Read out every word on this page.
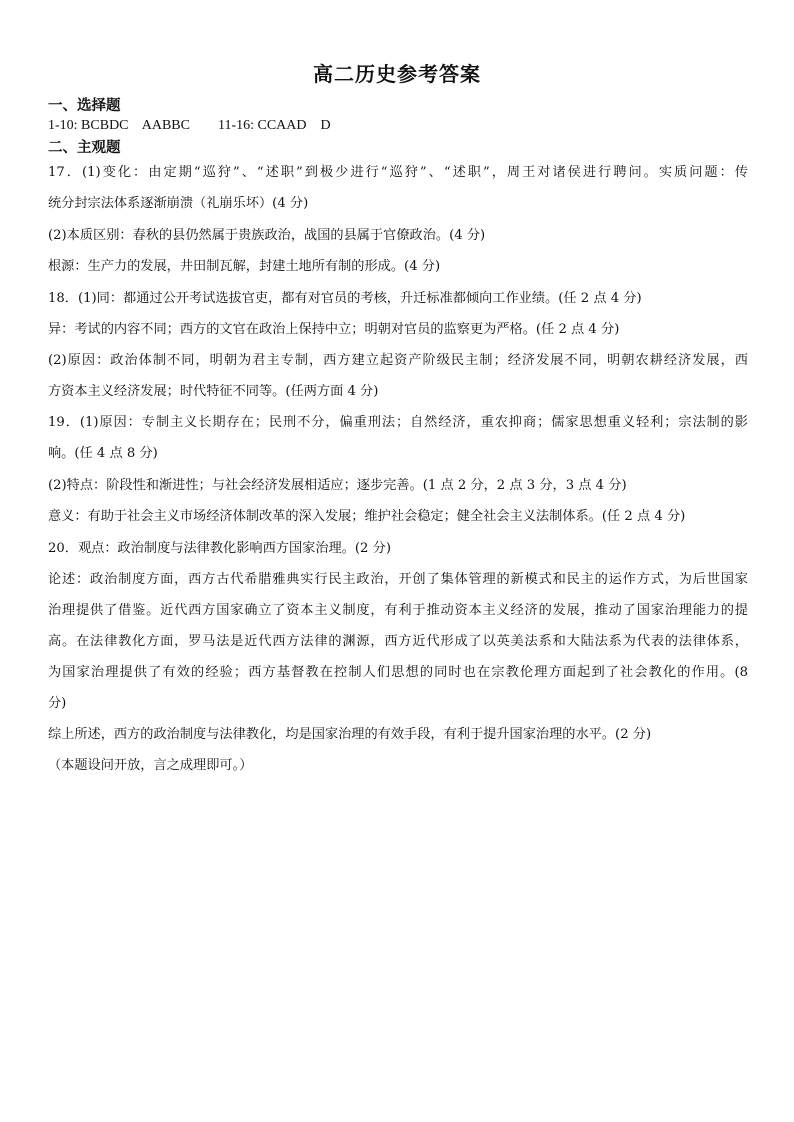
高二历史参考答案
一、选择题
1-10: BCBDC    AABBC        11-16: CCAAD    D
二、主观题
17．(1)变化：由定期“巡狩”、“述职”到极少进行“巡狩”、“述职”，周王对诸侯进行聘问。实质问题：传
统分封宗法体系逐渐崩溃（礼崩乐坏）(4 分)
(2)本质区别：春秋的县仍然属于贵族政治，战国的县属于官僚政治。(4 分)
根源：生产力的发展，井田制瓦解，封建土地所有制的形成。(4 分)
18．(1)同：都通过公开考试选拔官吏，都有对官员的考核，升迁标准都倾向工作业绩。(任 2 点 4 分)
异：考试的内容不同；西方的文官在政治上保持中立；明朝对官员的监察更为严格。(任 2 点 4 分)
(2)原因：政治体制不同，明朝为君主专制，西方建立起资产阶级民主制；经济发展不同，明朝农耕经济发展，西
方资本主义经济发展；时代特征不同等。(任两方面 4 分)
19．(1)原因：专制主义长期存在；民刑不分，偏重刑法；自然经济，重农抑商；儒家思想重义轻利；宗法制的影
响。(任 4 点 8 分)
(2)特点：阶段性和渐进性；与社会经济发展相适应；逐步完善。(1 点 2 分，2 点 3 分，3 点 4 分)
意义：有助于社会主义市场经济体制改革的深入发展；维护社会稳定；健全社会主义法制体系。(任 2 点 4 分)
20．观点：政治制度与法律教化影响西方国家治理。(2 分)
论述：政治制度方面，西方古代希腊雅典实行民主政治，开创了集体管理的新模式和民主的运作方式，为后世国家
治理提供了借鉴。近代西方国家确立了资本主义制度，有利于推动资本主义经济的发展，推动了国家治理能力的提
高。在法律教化方面，罗马法是近代西方法律的渊源，西方近代形成了以英美法系和大陆法系为代表的法律体系，
为国家治理提供了有效的经验；西方基督教在控制人们思想的同时也在宗教伦理方面起到了社会教化的作用。(8
分)
综上所述，西方的政治制度与法律教化，均是国家治理的有效手段，有利于提升国家治理的水平。(2 分)
（本题设问开放，言之成理即可。）
